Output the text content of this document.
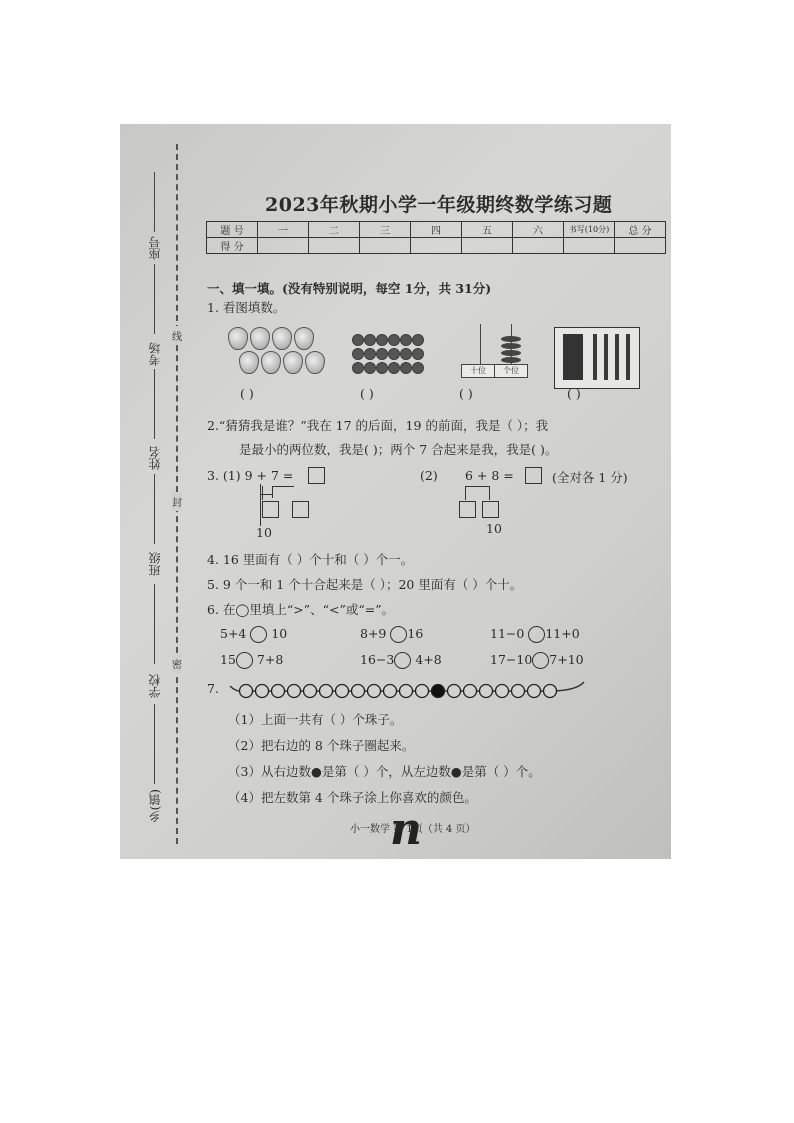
座号
考场
姓名
班级
学校
乡(镇)
线
封
密
2023年秋期小学一年级期终数学练习题
题 号	一	二	三	四	五	六	书写(10分)	总 分
得 分								
一、填一填。(没有特别说明，每空 1分，共 31分)
1. 看图填数。
十位	个位
( )	( )	( )	( )
2.“猜猜我是谁？”我在 17 的后面，19 的前面，我是（ ）；我
是最小的两位数，我是( )；两个 7 合起来是我，我是( )。
3. (1) 9 + 7 =	(2) 6 + 8 =	(全对各 1 分)
10	10
4. 16 里面有（ ）个十和（ ）个一。
5. 9 个一和 1 个十合起来是（ ）；20 里面有（ ）个十。
6. 在◯里填上“>”、“<”或“=”。
5+4 10	8+9 16	11−0 11+0
15 7+8	16−3 4+8	17−10 7+10
7.
（1）上面一共有（ ）个珠子。
（2）把右边的 8 个珠子圈起来。
（3）从右边数●是第（ ）个，从左边数●是第（ ）个。
（4）把左数第 4 个珠子涂上你喜欢的颜色。
n
小一数学 第 1页（共 4 页）
